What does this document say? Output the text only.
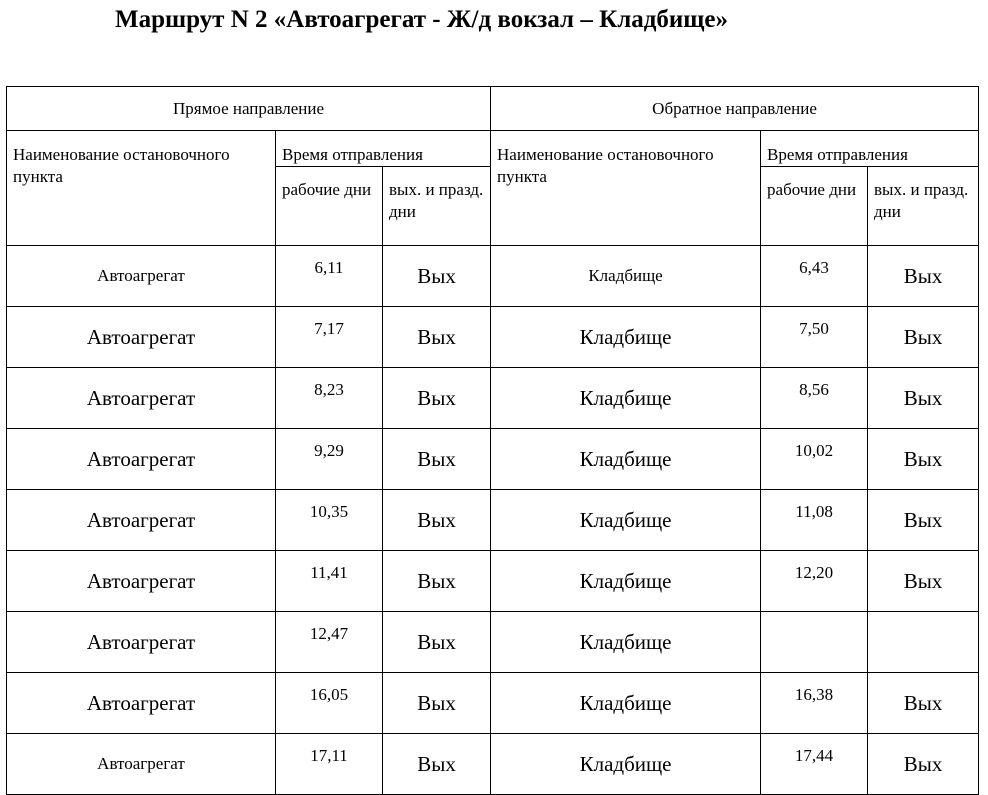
Маршрут N 2 «Автоагрегат - Ж/д вокзал – Кладбище»
Прямое направление			Обратное направление		
Наименование остановочного пункта	Время отправления		Наименование остановочного пункта	Время отправления	
	рабочие дни	вых. и празд. дни		рабочие дни	вых. и празд. дни
Автоагрегат	6,11	Вых	Кладбище	6,43	Вых
Автоагрегат	7,17	Вых	Кладбище	7,50	Вых
Автоагрегат	8,23	Вых	Кладбище	8,56	Вых
Автоагрегат	9,29	Вых	Кладбище	10,02	Вых
Автоагрегат	10,35	Вых	Кладбище	11,08	Вых
Автоагрегат	11,41	Вых	Кладбище	12,20	Вых
Автоагрегат	12,47	Вых	Кладбище		
Автоагрегат	16,05	Вых	Кладбище	16,38	Вых
Автоагрегат	17,11	Вых	Кладбище	17,44	Вых
